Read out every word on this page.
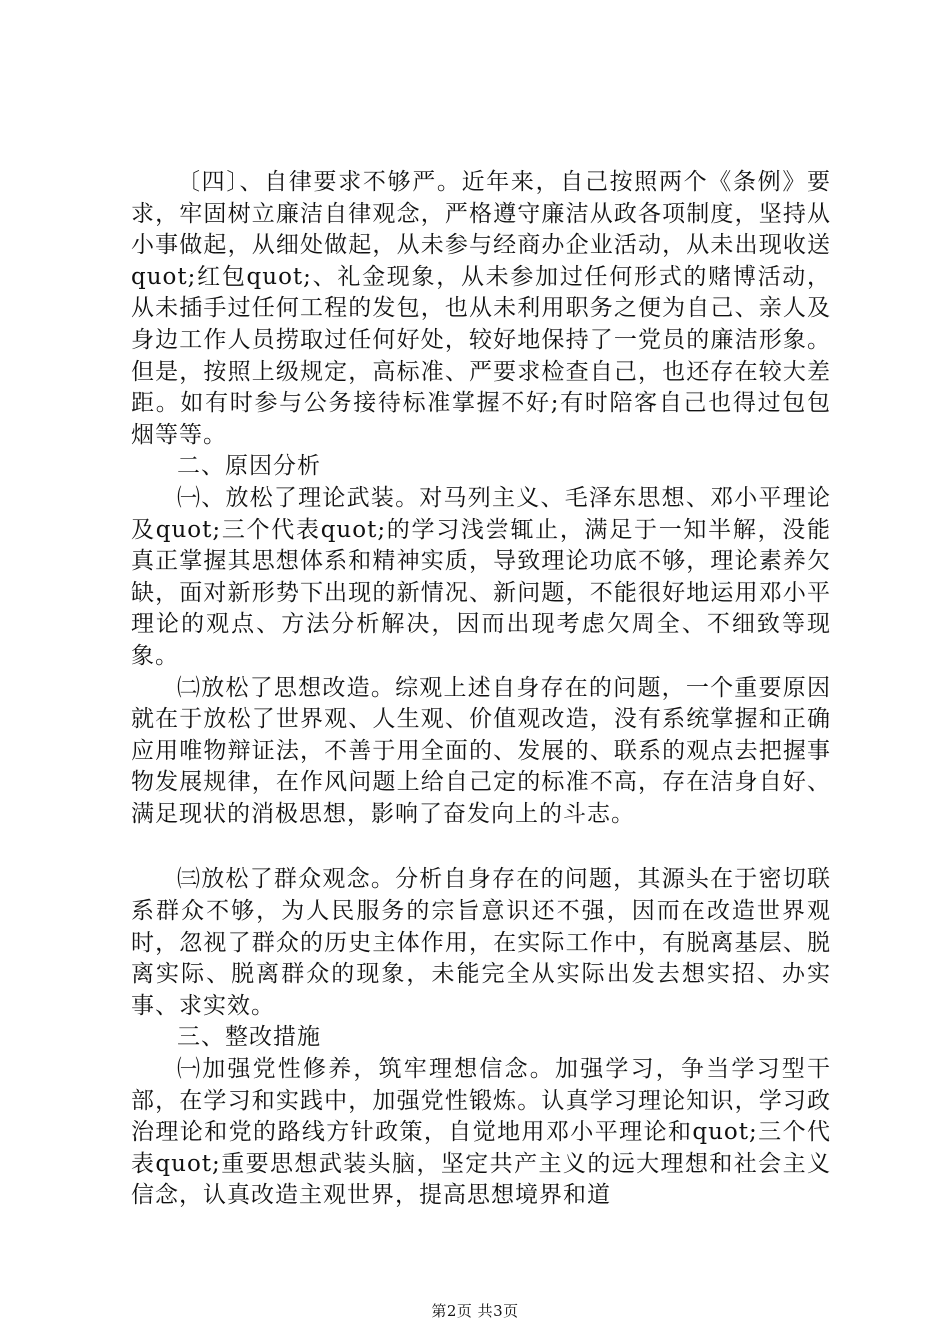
〔四〕、自律要求不够严。近年来，自己按照两个《条例》要求，牢固树立廉洁自律观念，严格遵守廉洁从政各项制度，坚持从小事做起，从细处做起，从未参与经商办企业活动，从未出现收送quot;红包quot;、礼金现象，从未参加过任何形式的赌博活动，从未插手过任何工程的发包，也从未利用职务之便为自己、亲人及身边工作人员捞取过任何好处，较好地保持了一党员的廉洁形象。但是，按照上级规定，高标准、严要求检查自己，也还存在较大差距。如有时参与公务接待标准掌握不好;有时陪客自己也得过包包烟等等。

二、原因分析

㈠、放松了理论武装。对马列主义、毛泽东思想、邓小平理论及quot;三个代表quot;的学习浅尝辄止，满足于一知半解，没能真正掌握其思想体系和精神实质，导致理论功底不够，理论素养欠缺，面对新形势下出现的新情况、新问题，不能很好地运用邓小平理论的观点、方法分析解决，因而出现考虑欠周全、不细致等现象。

㈡放松了思想改造。综观上述自身存在的问题，一个重要原因就在于放松了世界观、人生观、价值观改造，没有系统掌握和正确应用唯物辩证法，不善于用全面的、发展的、联系的观点去把握事物发展规律，在作风问题上给自己定的标准不高，存在洁身自好、满足现状的消极思想，影响了奋发向上的斗志。

㈢放松了群众观念。分析自身存在的问题，其源头在于密切联系群众不够，为人民服务的宗旨意识还不强，因而在改造世界观时，忽视了群众的历史主体作用，在实际工作中，有脱离基层、脱离实际、脱离群众的现象，未能完全从实际出发去想实招、办实事、求实效。

三、整改措施

㈠加强党性修养，筑牢理想信念。加强学习，争当学习型干部，在学习和实践中，加强党性锻炼。认真学习理论知识，学习政治理论和党的路线方针政策，自觉地用邓小平理论和quot;三个代表quot;重要思想武装头脑，坚定共产主义的远大理想和社会主义信念，认真改造主观世界，提高思想境界和道

第2页 共3页
